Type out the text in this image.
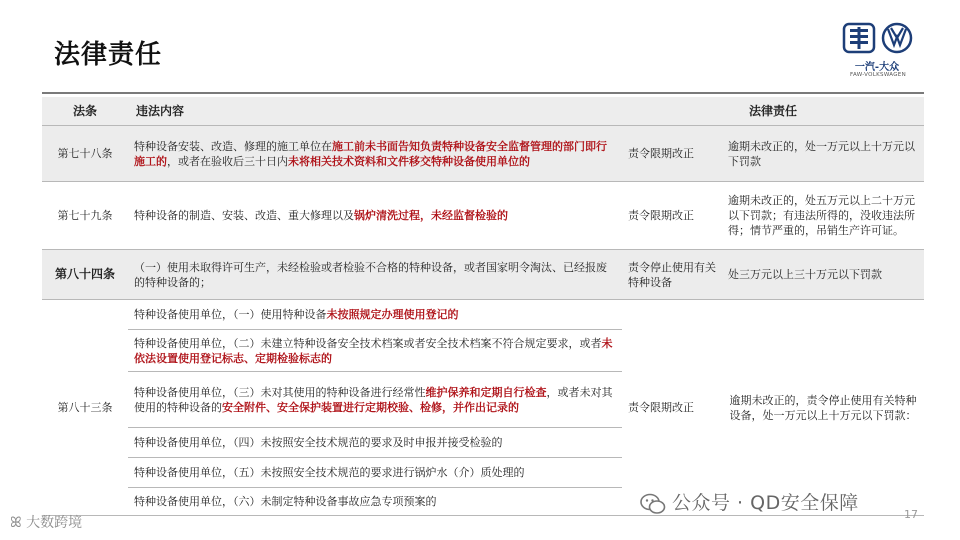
法律责任	一汽-大众
FAW-VOLKSWAGEN
法条	违法内容	法律责任	
第七十八条	特种设备安装、改造、修理的施工单位在施工前未书面告知负责特种设备安全监督管理的部门即行施工的，或者在验收后三十日内未将相关技术资料和文件移交特种设备使用单位的	责令限期改正	逾期未改正的，处一万元以上十万元以下罚款
第七十九条	特种设备的制造、安装、改造、重大修理以及锅炉清洗过程，未经监督检验的	责令限期改正	逾期未改正的，处五万元以上二十万元以下罚款；有违法所得的，没收违法所得；情节严重的，吊销生产许可证。
第八十四条	（一）使用未取得许可生产，未经检验或者检验不合格的特种设备，或者国家明令淘汰、已经报废的特种设备的；	责令停止使用有关特种设备	处三万元以上三十万元以下罚款
第八十三条	特种设备使用单位，（一）使用特种设备未按照规定办理使用登记的	责令限期改正	逾期未改正的，责令停止使用有关特种设备，处一万元以上十万元以下罚款：
	特种设备使用单位，（二）未建立特种设备安全技术档案或者安全技术档案不符合规定要求，或者未依法设置使用登记标志、定期检验标志的		
	特种设备使用单位，（三）未对其使用的特种设备进行经常性维护保养和定期自行检查，或者未对其使用的特种设备的安全附件、安全保护装置进行定期校验、检修，并作出记录的		
	特种设备使用单位，（四）未按照安全技术规范的要求及时申报并接受检验的		
	特种设备使用单位，（五）未按照安全技术规范的要求进行锅炉水（介）质处理的		
	特种设备使用单位，（六）未制定特种设备事故应急专项预案的			公众号 · QD安全保障
ꕤ 大数跨境
17
